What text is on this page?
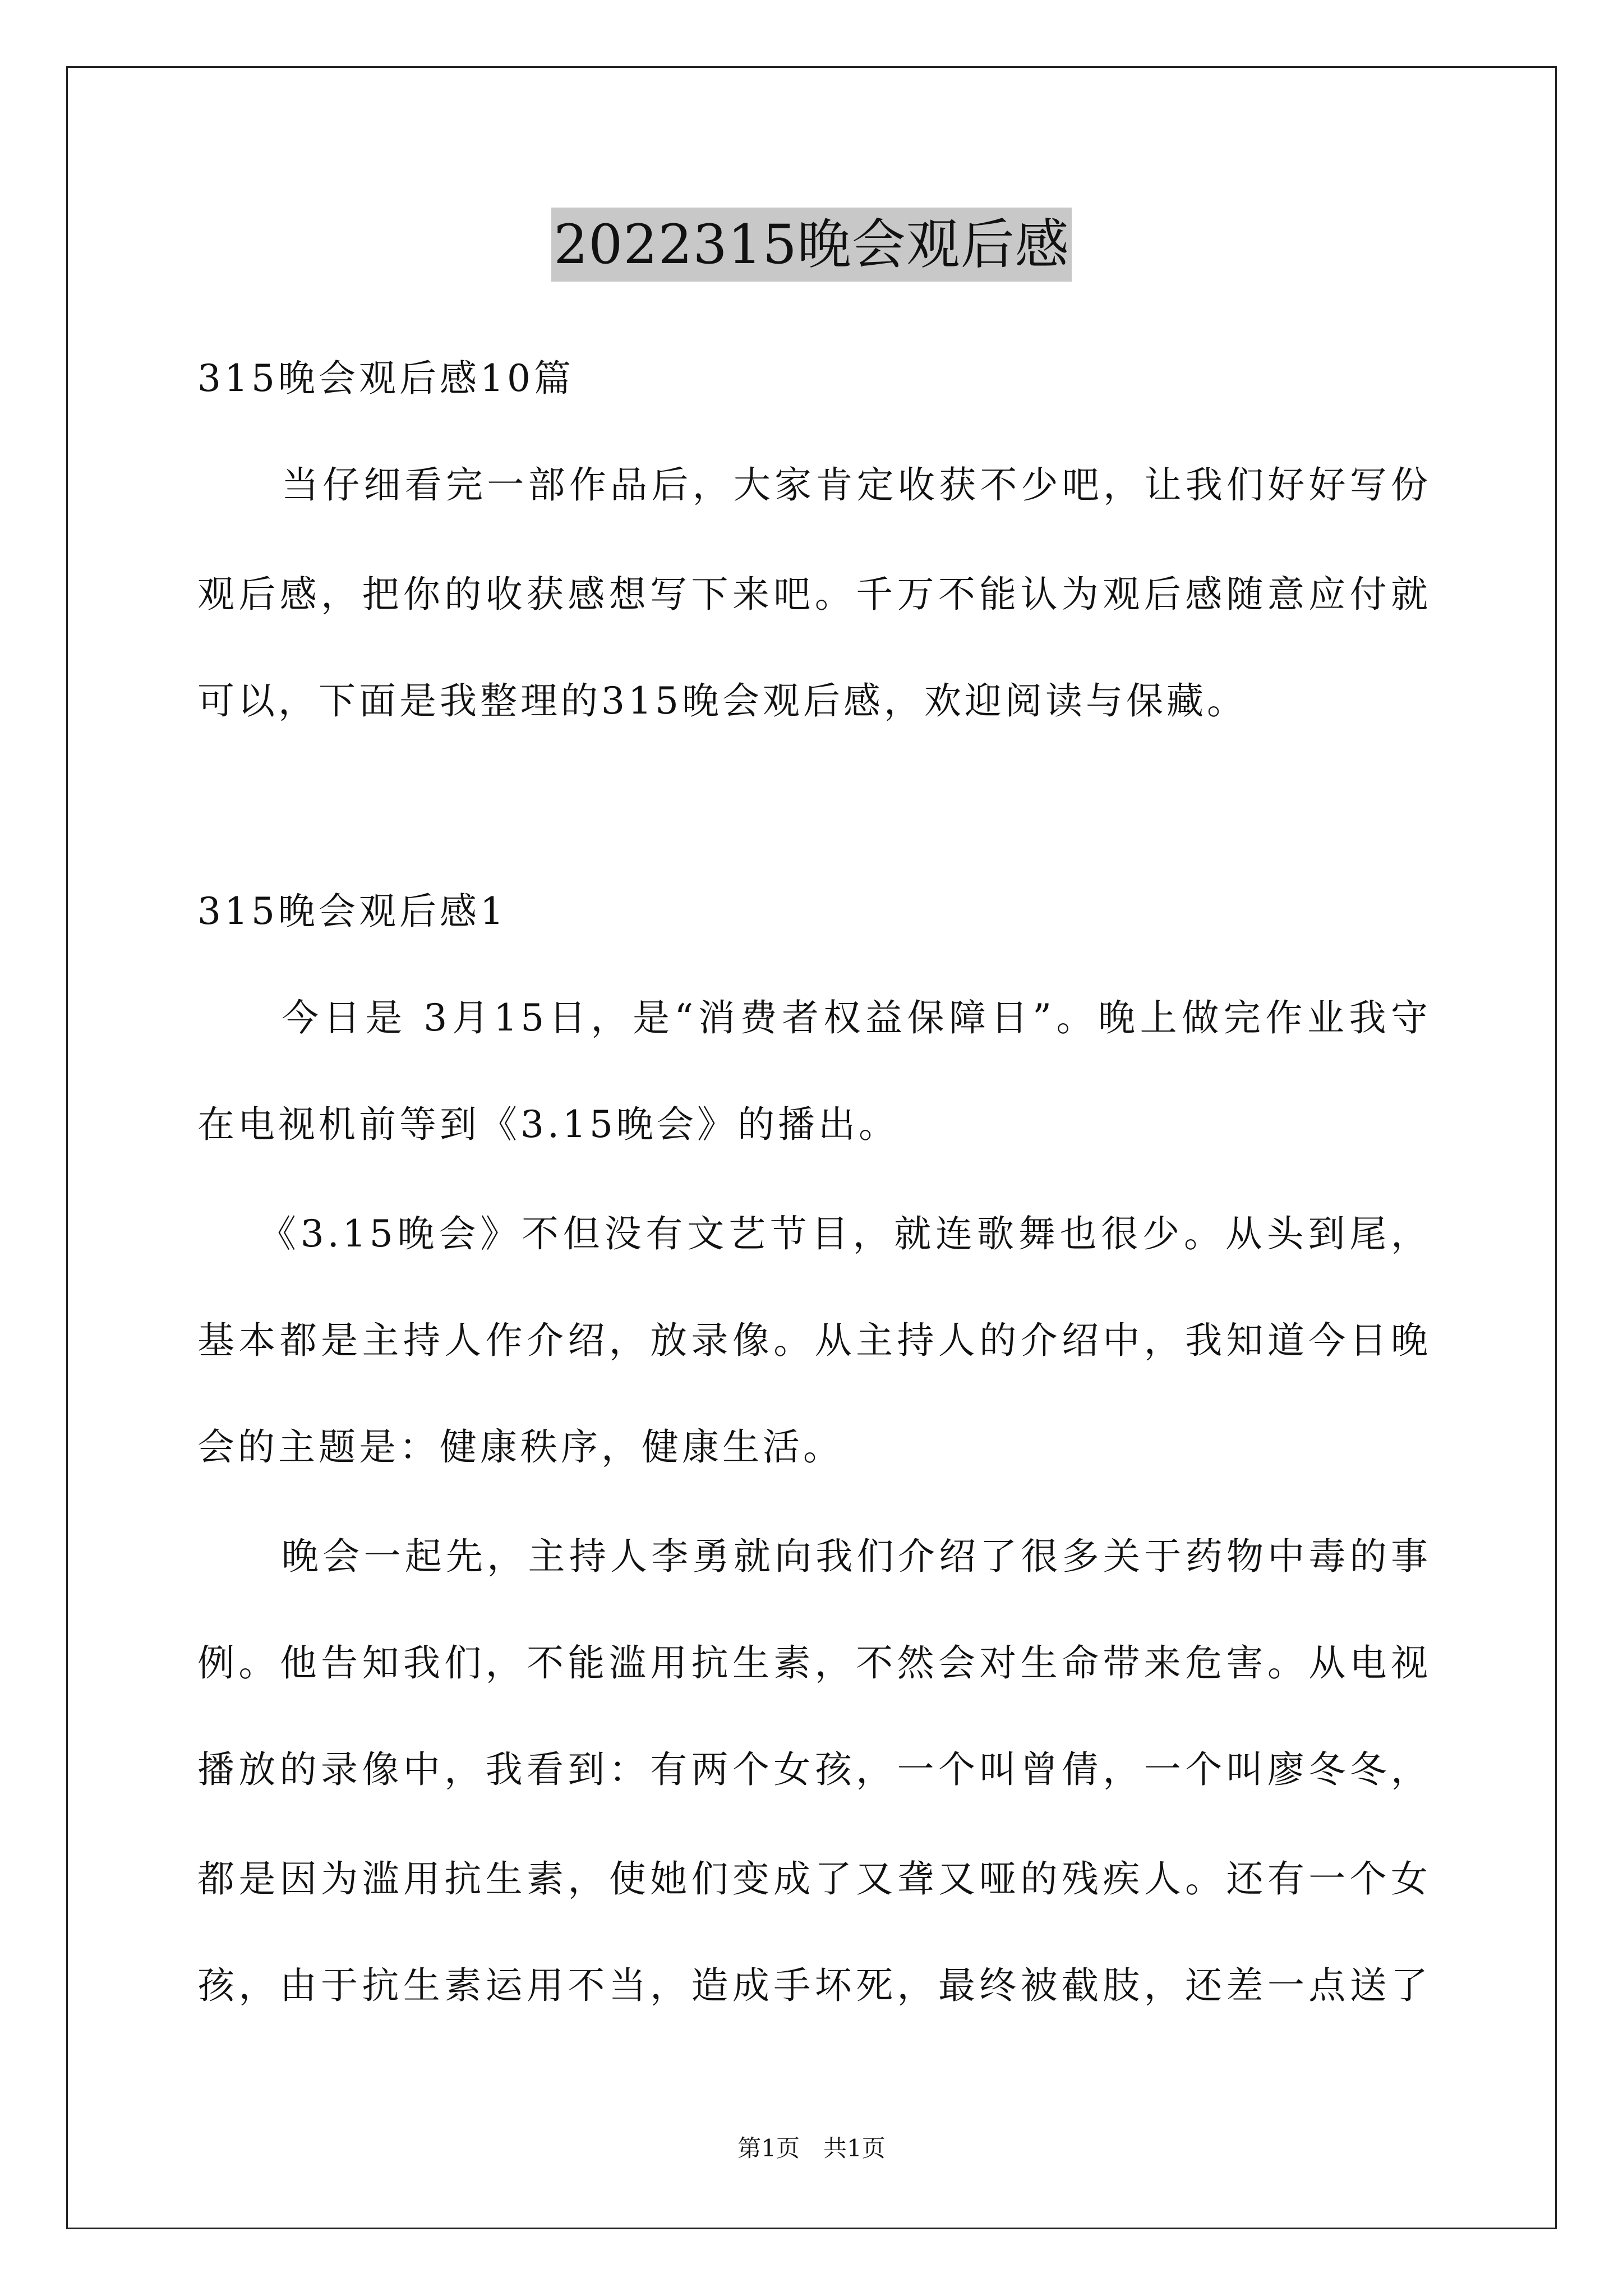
2022315晚会观后感
315晚会观后感10篇
当仔细看完一部作品后，大家肯定收获不少吧，让我们好好写份
观后感，把你的收获感想写下来吧。千万不能认为观后感随意应付就
可以，下面是我整理的315晚会观后感，欢迎阅读与保藏。
315晚会观后感1
今日是 3月15日，是“消费者权益保障日”。晚上做完作业我守
在电视机前等到《3.15晚会》的播出。
《3.15晚会》不但没有文艺节目，就连歌舞也很少。从头到尾，
基本都是主持人作介绍，放录像。从主持人的介绍中，我知道今日晚
会的主题是：健康秩序，健康生活。
晚会一起先，主持人李勇就向我们介绍了很多关于药物中毒的事
例。他告知我们，不能滥用抗生素，不然会对生命带来危害。从电视
播放的录像中，我看到：有两个女孩，一个叫曾倩，一个叫廖冬冬，
都是因为滥用抗生素，使她们变成了又聋又哑的残疾人。还有一个女
孩，由于抗生素运用不当，造成手坏死，最终被截肢，还差一点送了
第1页　共1页
